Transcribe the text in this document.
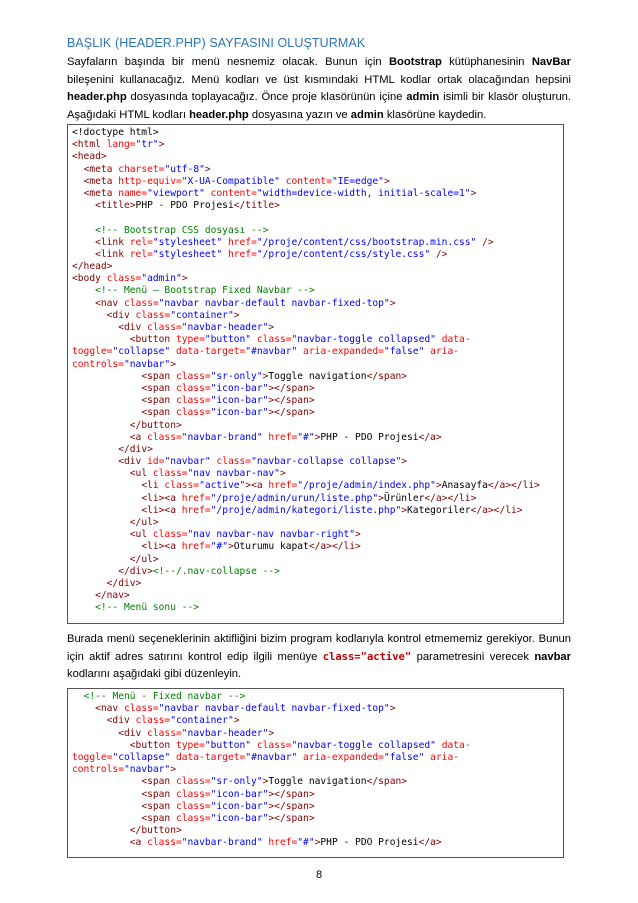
BAŞLIK (HEADER.PHP) SAYFASINI OLUŞTURMAK
Sayfaların başında bir menü nesnemiz olacak. Bunun için Bootstrap kütüphanesinin NavBar bileşenini kullanacağız. Menü kodları ve üst kısmındaki HTML kodlar ortak olacağından hepsini header.php dosyasında toplayacağız. Önce proje klasörünün içine admin isimli bir klasör oluşturun. Aşağıdaki HTML kodları header.php dosyasına yazın ve admin klasörüne kaydedin.
<!doctype html>
<html lang="tr">
<head>
<meta charset="utf-8">
<meta http-equiv="X-UA-Compatible" content="IE=edge">
<meta name="viewport" content="width=device-width, initial-scale=1">
<title>PHP - PDO Projesi</title>
<!-- Bootstrap CSS dosyası -->
<link rel="stylesheet" href="/proje/content/css/bootstrap.min.css" />
<link rel="stylesheet" href="/proje/content/css/style.css" />
</head>
<body class="admin">
<!-- Menü – Bootstrap Fixed Navbar -->
<nav class="navbar navbar-default navbar-fixed-top">
<div class="container">
<div class="navbar-header">
<button type="button" class="navbar-toggle collapsed" data-
toggle="collapse" data-target="#navbar" aria-expanded="false" aria-
controls="navbar">
<span class="sr-only">Toggle navigation</span>
<span class="icon-bar"></span>
<span class="icon-bar"></span>
<span class="icon-bar"></span>
</button>
<a class="navbar-brand" href="#">PHP - PDO Projesi</a>
</div>
<div id="navbar" class="navbar-collapse collapse">
<ul class="nav navbar-nav">
<li class="active"><a href="/proje/admin/index.php">Anasayfa</a></li>
<li><a href="/proje/admin/urun/liste.php">Ürünler</a></li>
<li><a href="/proje/admin/kategori/liste.php">Kategoriler</a></li>
</ul>
<ul class="nav navbar-nav navbar-right">
<li><a href="#">Oturumu kapat</a></li>
</ul>
</div><!--/.nav-collapse -->
</div>
</nav>
<!-- Menü sonu -->
Burada menü seçeneklerinin aktifliğini bizim program kodlarıyla kontrol etmememiz gerekiyor. Bunun için aktif adres satırını kontrol edip ilgili menüye class="active" parametresini verecek navbar kodlarını aşağıdaki gibi düzenleyin.
<!-- Menü - Fixed navbar -->
<nav class="navbar navbar-default navbar-fixed-top">
<div class="container">
<div class="navbar-header">
<button type="button" class="navbar-toggle collapsed" data-
toggle="collapse" data-target="#navbar" aria-expanded="false" aria-
controls="navbar">
<span class="sr-only">Toggle navigation</span>
<span class="icon-bar"></span>
<span class="icon-bar"></span>
<span class="icon-bar"></span>
</button>
<a class="navbar-brand" href="#">PHP - PDO Projesi</a>
8
